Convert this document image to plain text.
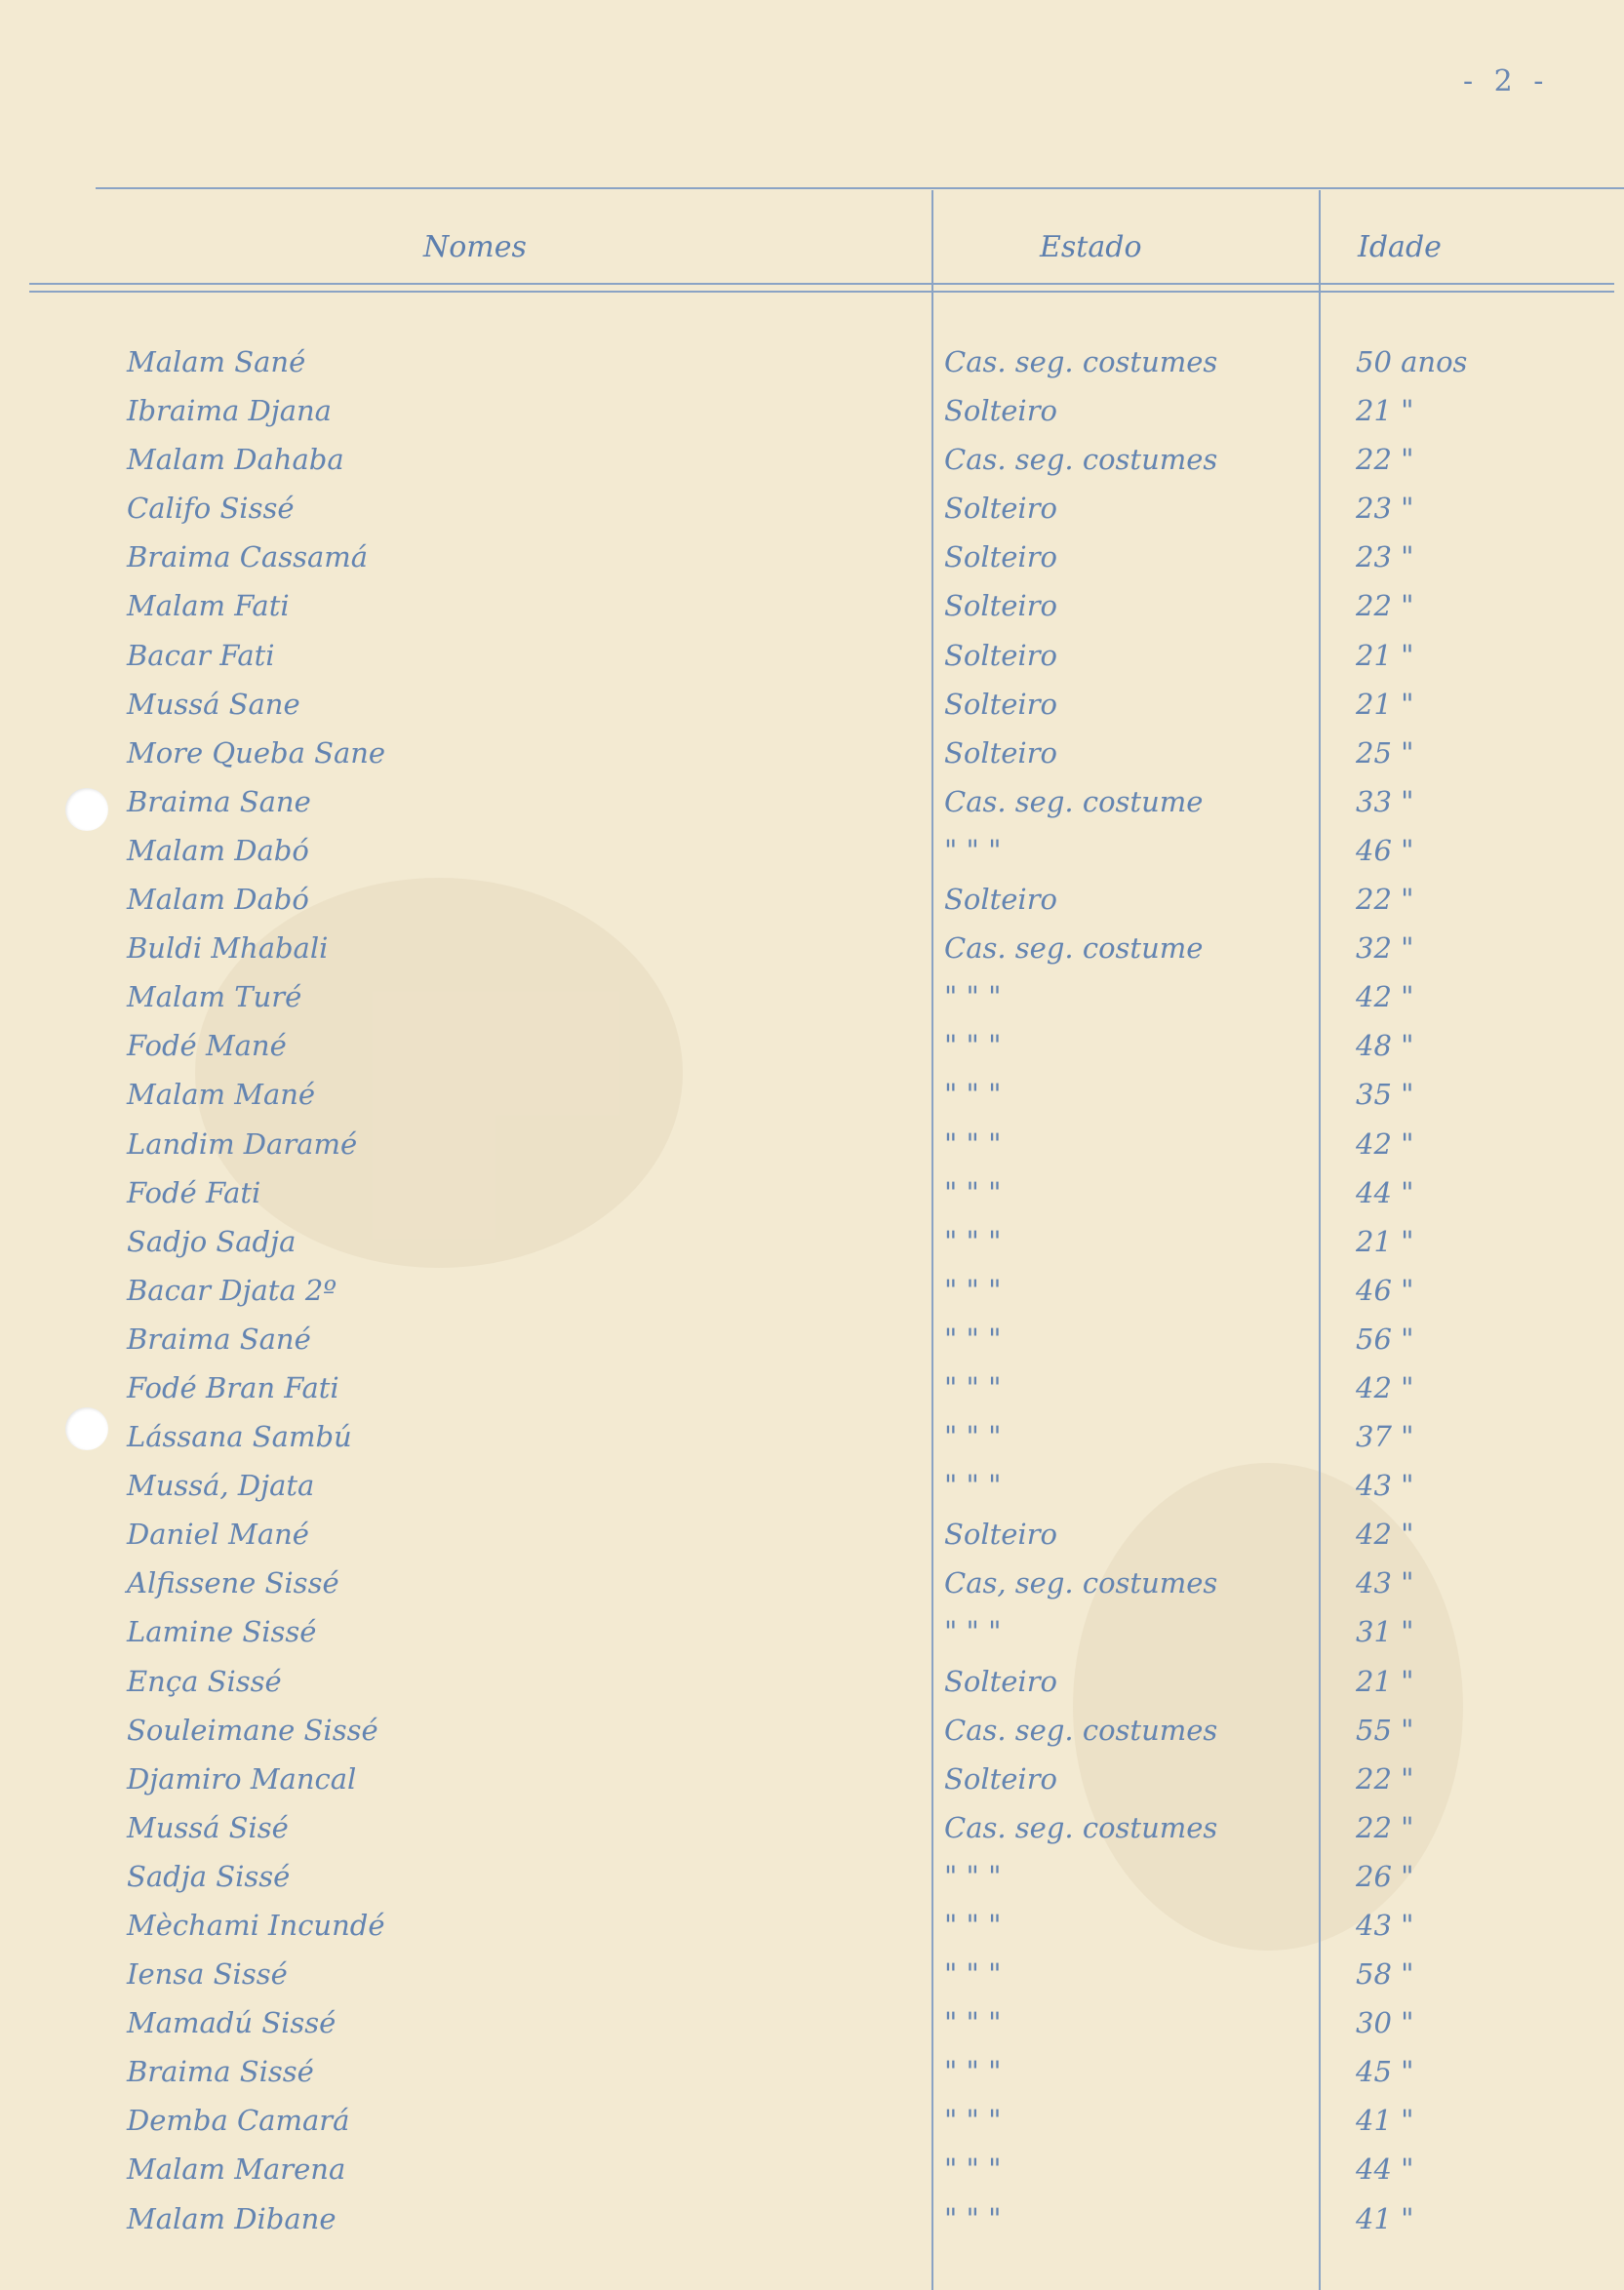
- 2 -
Nomes	Estado	Idade
Malam Sané	Cas. seg. costumes	50 anos
Ibraima Djana	Solteiro	21 "
Malam Dahaba	Cas. seg. costumes	22 "
Califo Sissé	Solteiro	23 "
Braima Cassamá	Solteiro	23 "
Malam Fati	Solteiro	22 "
Bacar Fati	Solteiro	21 "
Mussá Sane	Solteiro	21 "
More Queba Sane	Solteiro	25 "
Braima Sane	Cas. seg. costume	33 "
Malam Dabó	" " "	46 "
Malam Dabó	Solteiro	22 "
Buldi Mhabali	Cas. seg. costume	32 "
Malam Turé	" " "	42 "
Fodé Mané	" " "	48 "
Malam Mané	" " "	35 "
Landim Daramé	" " "	42 "
Fodé Fati	" " "	44 "
Sadjo Sadja	" " "	21 "
Bacar Djata 2º	" " "	46 "
Braima Sané	" " "	56 "
Fodé Bran Fati	" " "	42 "
Lássana Sambú	" " "	37 "
Mussá, Djata	" " "	43 "
Daniel Mané	Solteiro	42 "
Alfissene Sissé	Cas, seg. costumes	43 "
Lamine Sissé	" " "	31 "
Ença Sissé	Solteiro	21 "
Souleimane Sissé	Cas. seg. costumes	55 "
Djamiro Mancal	Solteiro	22 "
Mussá Sisé	Cas. seg. costumes	22 "
Sadja Sissé	" " "	26 "
Mèchami Incundé	" " "	43 "
Iensa Sissé	" " "	58 "
Mamadú Sissé	" " "	30 "
Braima Sissé	" " "	45 "
Demba Camará	" " "	41 "
Malam Marena	" " "	44 "
Malam Dibane	" " "	41 "
